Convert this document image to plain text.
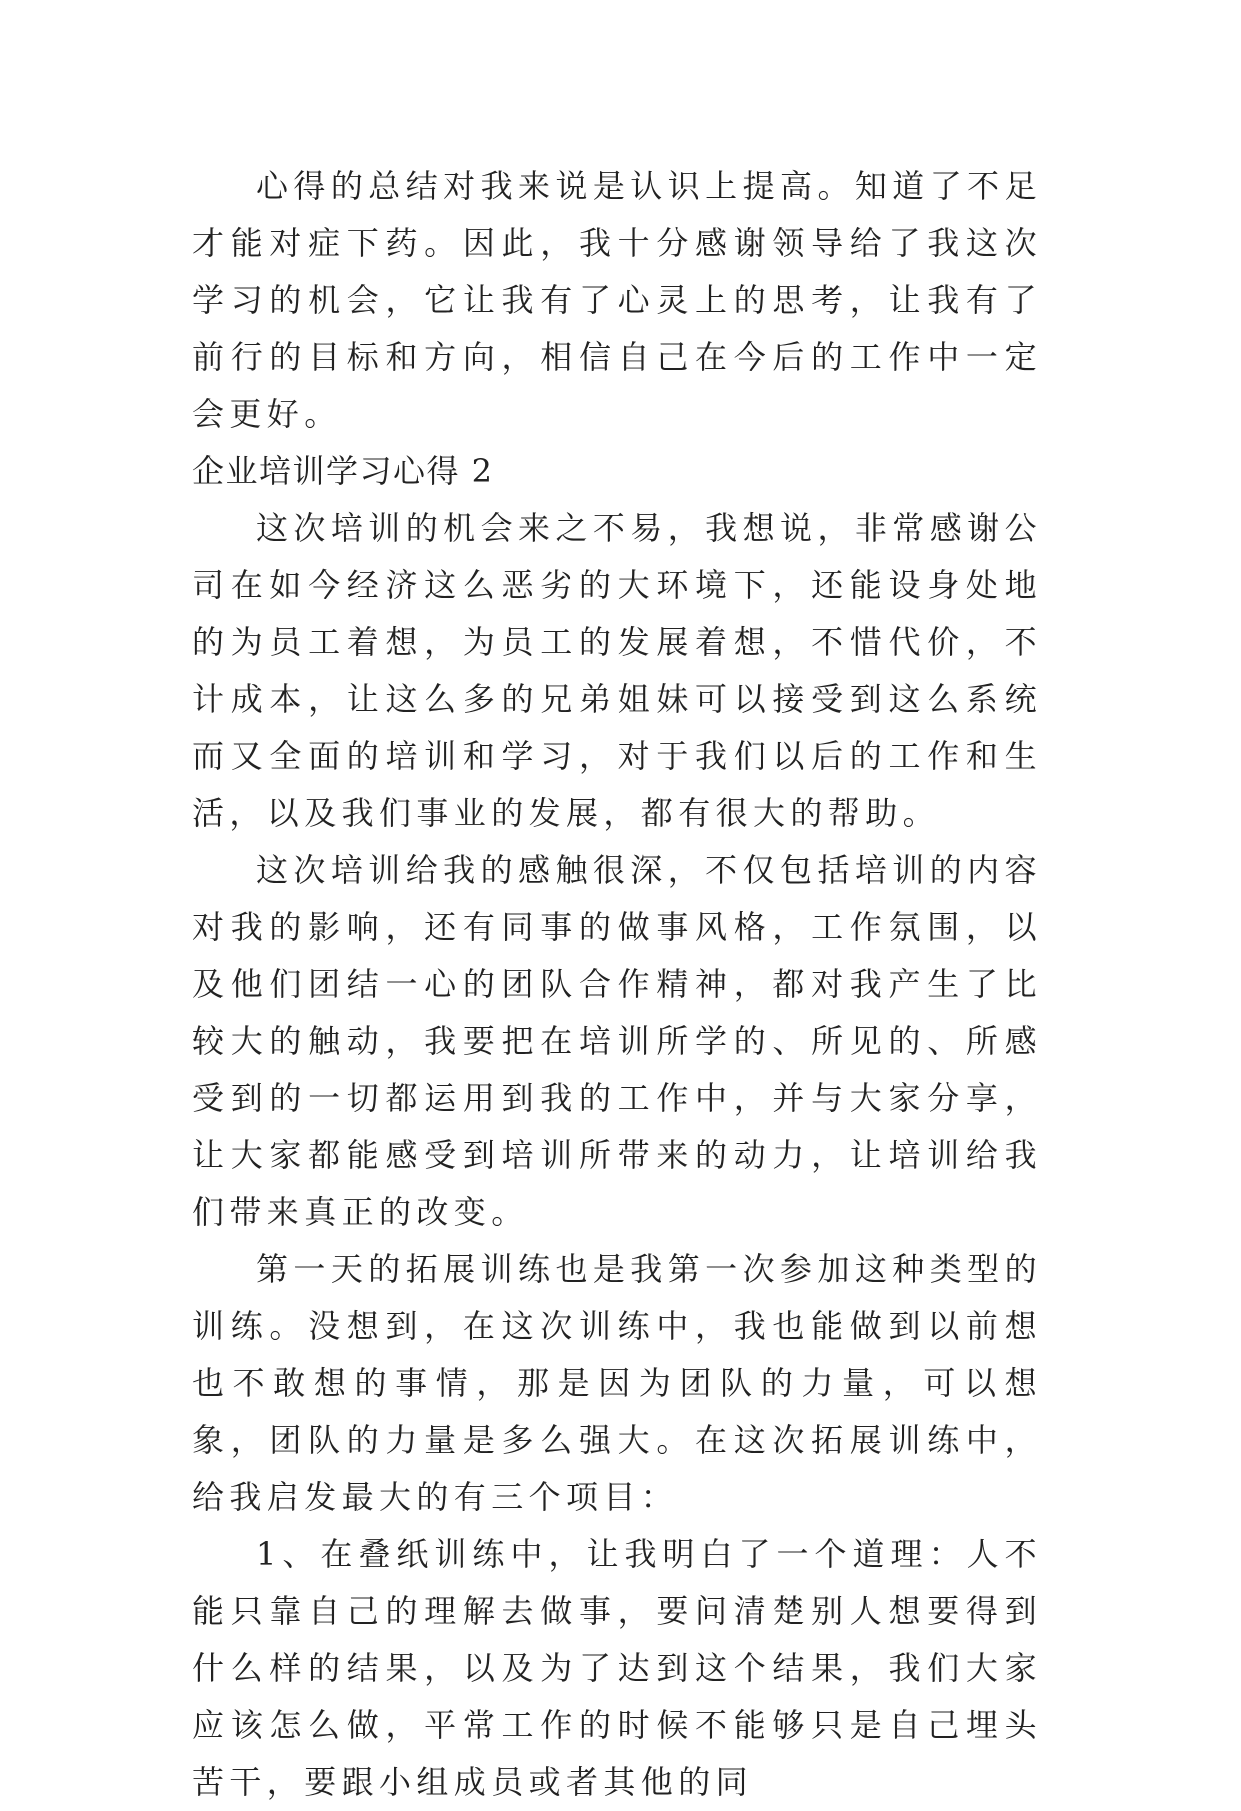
心得的总结对我来说是认识上提高。知道了不足才能对症下药。因此，我十分感谢领导给了我这次学习的机会，它让我有了心灵上的思考，让我有了前行的目标和方向，相信自己在今后的工作中一定会更好。

企业培训学习心得 2

这次培训的机会来之不易，我想说，非常感谢公司在如今经济这么恶劣的大环境下，还能设身处地的为员工着想，为员工的发展着想，不惜代价，不计成本，让这么多的兄弟姐妹可以接受到这么系统而又全面的培训和学习，对于我们以后的工作和生活，以及我们事业的发展，都有很大的帮助。

这次培训给我的感触很深，不仅包括培训的内容对我的影响，还有同事的做事风格，工作氛围，以及他们团结一心的团队合作精神，都对我产生了比较大的触动，我要把在培训所学的、所见的、所感受到的一切都运用到我的工作中，并与大家分享，让大家都能感受到培训所带来的动力，让培训给我们带来真正的改变。

第一天的拓展训练也是我第一次参加这种类型的训练。没想到，在这次训练中，我也能做到以前想也不敢想的事情，那是因为团队的力量，可以想象，团队的力量是多么强大。在这次拓展训练中，给我启发最大的有三个项目：

1、在叠纸训练中，让我明白了一个道理：人不能只靠自己的理解去做事，要问清楚别人想要得到什么样的结果，以及为了达到这个结果，我们大家应该怎么做，平常工作的时候不能够只是自己埋头苦干，要跟小组成员或者其他的同
